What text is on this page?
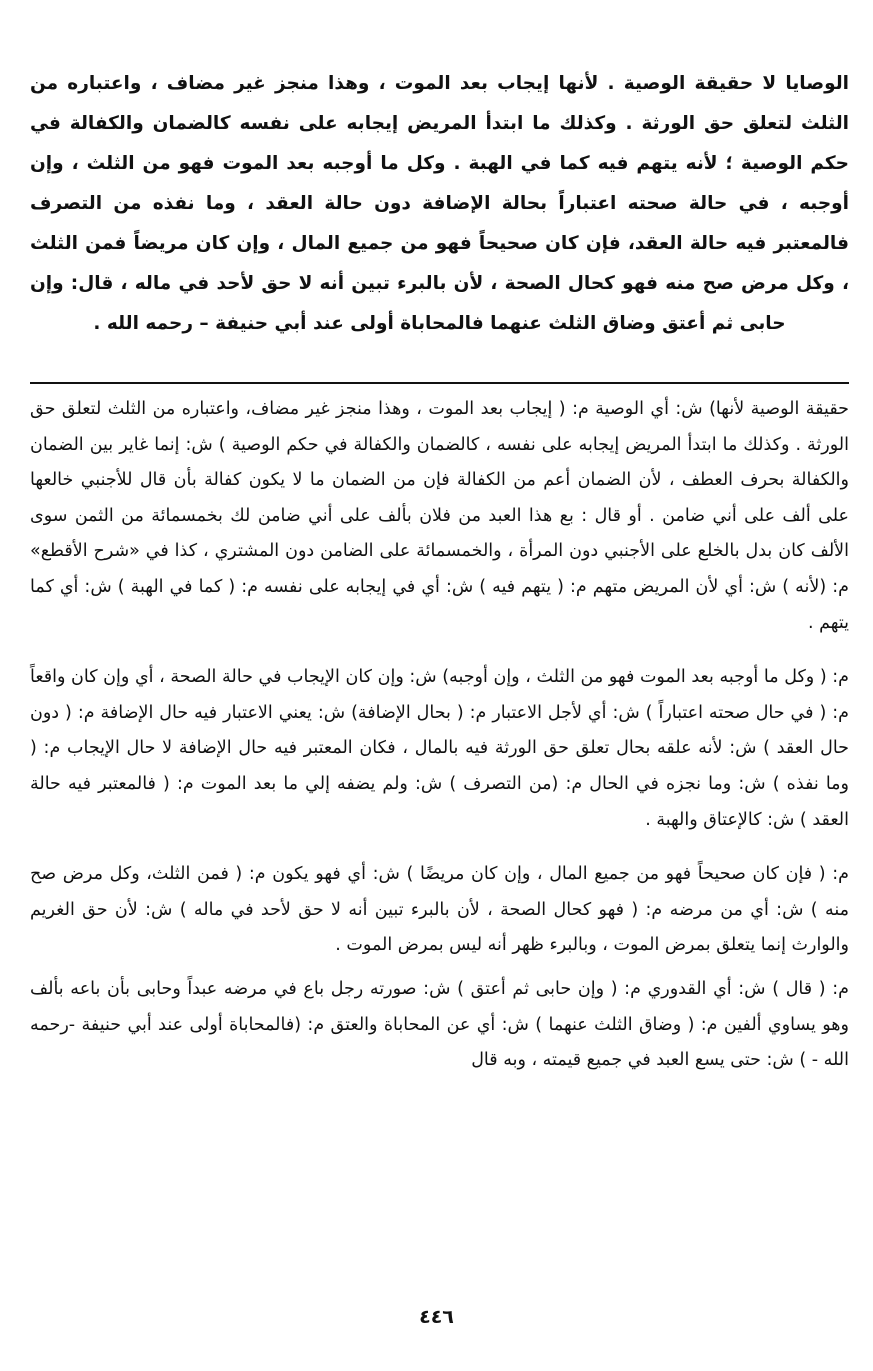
الوصايا لا حقيقة الوصية . لأنها إيجاب بعد الموت ، وهذا منجز غير مضاف ، واعتباره من الثلث لتعلق حق الورثة . وكذلك ما ابتدأ المريض إيجابه على نفسه كالضمان والكفالة في حكم الوصية ؛ لأنه يتهم فيه كما في الهبة . وكل ما أوجبه بعد الموت فهو من الثلث ، وإن أوجبه ، في حالة صحته اعتباراً بحالة الإضافة دون حالة العقد ، وما نفذه من التصرف فالمعتبر فيه حالة العقد، فإن كان صحيحاً فهو من جميع المال ، وإن كان مريضاً فمن الثلث ، وكل مرض صح منه فهو كحال الصحة ، لأن بالبرء تبين أنه لا حق لأحد في ماله ، قال: وإن حابى ثم أعتق وضاق الثلث عنهما فالمحاباة أولى عند أبي حنيفة – رحمه الله .

حقيقة الوصية لأنها) ش: أي الوصية م: ( إيجاب بعد الموت ، وهذا منجز غير مضاف، واعتباره من الثلث لتعلق حق الورثة . وكذلك ما ابتدأ المريض إيجابه على نفسه ، كالضمان والكفالة في حكم الوصية ) ش: إنما غاير بين الضمان والكفالة بحرف العطف ، لأن الضمان أعم من الكفالة فإن من الضمان ما لا يكون كفالة بأن قال للأجنبي خالعها على ألف على أني ضامن . أو قال : بع هذا العبد من فلان بألف على أني ضامن لك بخمسمائة من الثمن سوى الألف كان بدل بالخلع على الأجنبي دون المرأة ، والخمسمائة على الضامن دون المشتري ، كذا في «شرح الأقطع» م: (لأنه ) ش: أي لأن المريض متهم م: ( يتهم فيه ) ش: أي في إيجابه على نفسه م: ( كما في الهبة ) ش: أي كما يتهم .

م: ( وكل ما أوجبه بعد الموت فهو من الثلث ، وإن أوجبه) ش: وإن كان الإيجاب في حالة الصحة ، أي وإن كان واقعاً م: ( في حال صحته اعتباراً ) ش: أي لأجل الاعتبار م: ( بحال الإضافة) ش: يعني الاعتبار فيه حال الإضافة م: ( دون حال العقد ) ش: لأنه علقه بحال تعلق حق الورثة فيه بالمال ، فكان المعتبر فيه حال الإضافة لا حال الإيجاب م: ( وما نفذه ) ش: وما نجزه في الحال م: (من التصرف ) ش: ولم يضفه إلي ما بعد الموت م: ( فالمعتبر فيه حالة العقد ) ش: كالإعتاق والهبة .

م: ( فإن كان صحيحاً فهو من جميع المال ، وإن كان مريضًا ) ش: أي فهو يكون م: ( فمن الثلث، وكل مرض صح منه ) ش: أي من مرضه م: ( فهو كحال الصحة ، لأن بالبرء تبين أنه لا حق لأحد في ماله ) ش: لأن حق الغريم والوارث إنما يتعلق بمرض الموت ، وبالبرء ظهر أنه ليس بمرض الموت .

م: ( قال ) ش: أي القدوري م: ( وإن حابى ثم أعتق ) ش: صورته رجل باع في مرضه عبداً وحابى بأن باعه بألف وهو يساوي ألفين م: ( وضاق الثلث عنهما ) ش: أي عن المحاباة والعتق م: (فالمحاباة أولى عند أبي حنيفة -رحمه الله - ) ش: حتى يسع العبد في جميع قيمته ، وبه قال

٤٤٦
